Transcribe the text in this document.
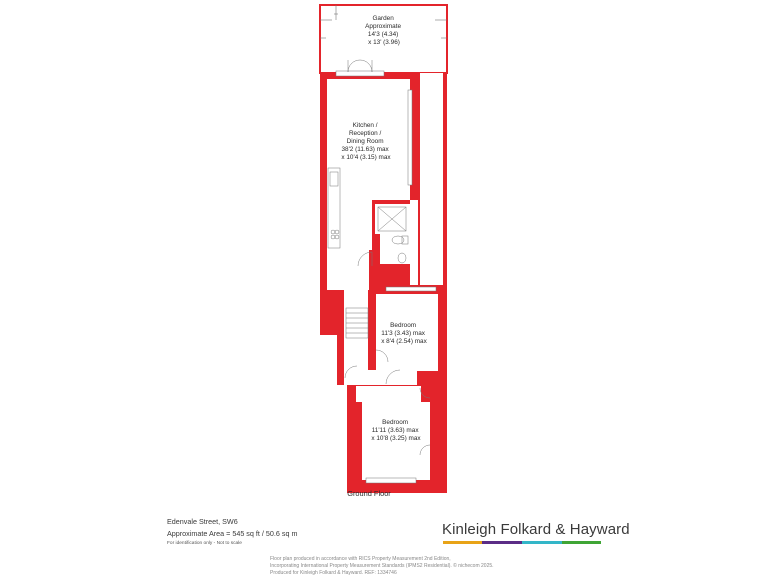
Garden Approximate 14'3 (4.34) x 13' (3.96)
Kitchen / Reception / Dining Room 38'2 (11.63) max x 10'4 (3.15) max
Bedroom 11'3 (3.43) max x 8'4 (2.54) max
Bedroom 11'11 (3.63) max x 10'8 (3.25) max
Ground Floor
Edenvale Street, SW6
Approximate Area = 545 sq ft / 50.6 sq m
For identification only - Not to scale
Kinleigh Folkard & Hayward
Floor plan produced in accordance with RICS Property Measurement 2nd Edition,
Incorporating International Property Measurement Standards (IPMS2 Residential). © nichecom 2025.
Produced for Kinleigh Folkard & Hayward. REF: 1334746
